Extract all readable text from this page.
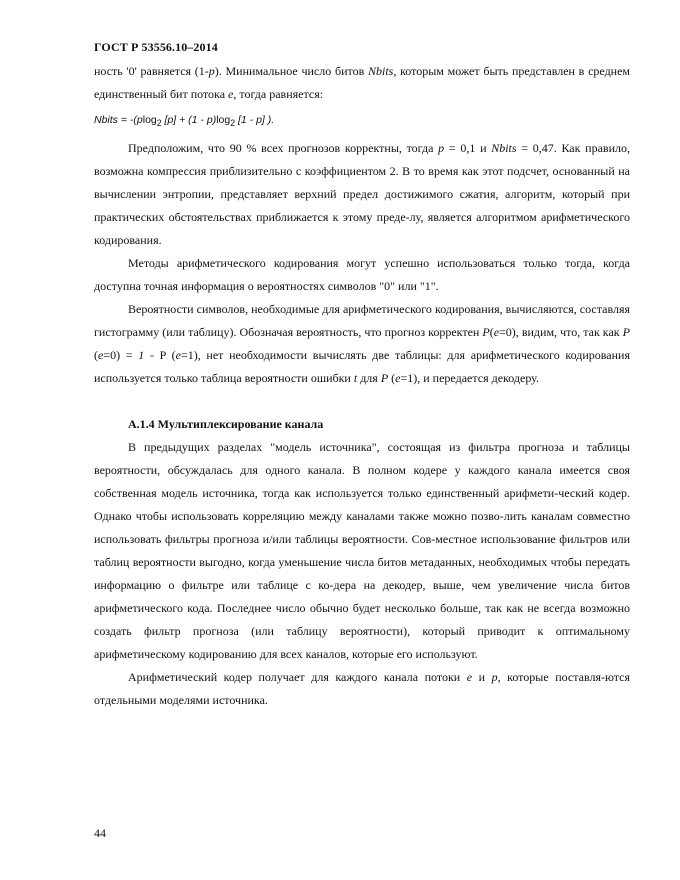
ГОСТ Р 53556.10–2014

ность '0' равняется (1-p). Минимальное число битов Nbits, которым может быть представлен в среднем единственный бит потока e, тогда равняется:

Nbits = -(plog$_2$ $[p] + (1 - p)\log_2$ [1 - p] ).

Предположим, что 90 % всех прогнозов корректны, тогда p = 0,1 и Nbits = 0,47. Как правило, возможна компрессия приблизительно с коэффициентом 2. В то время как этот подсчет, основанный на вычислении энтропии, представляет верхний предел достижимого сжатия, алгоритм, который при практических обстоятельствах приближается к этому преде-лу, является алгоритмом арифметического кодирования.

Методы арифметического кодирования могут успешно использоваться только тогда, когда доступна точная информация о вероятностях символов "0" или "1".

Вероятности символов, необходимые для арифметического кодирования, вычисляются, составляя гистограмму (или таблицу). Обозначая вероятность, что прогноз корректен P(e=0), видим, что, так как P (e=0) = 1 - P (e=1), нет необходимости вычислять две таблицы: для арифметического кодирования используется только таблица вероятности ошибки t для P (e=1), и передается декодеру.

А.1.4 Мультиплексирование канала

В предыдущих разделах "модель источника", состоящая из фильтра прогноза и таблицы вероятности, обсуждалась для одного канала. В полном кодере у каждого канала имеется своя собственная модель источника, тогда как используется только единственный арифмети-ческий кодер. Однако чтобы использовать корреляцию между каналами также можно позво-лить каналам совместно использовать фильтры прогноза и/или таблицы вероятности. Сов-местное использование фильтров или таблиц вероятности выгодно, когда уменьшение числа битов метаданных, необходимых чтобы передать информацию о фильтре или таблице с ко-дера на декодер, выше, чем увеличение числа битов арифметического кода. Последнее число обычно будет несколько больше, так как не всегда возможно создать фильтр прогноза (или таблицу вероятности), который приводит к оптимальному арифметическому кодированию для всех каналов, которые его используют.

Арифметический кодер получает для каждого канала потоки e и p, которые поставля-ются отдельными моделями источника.

44
